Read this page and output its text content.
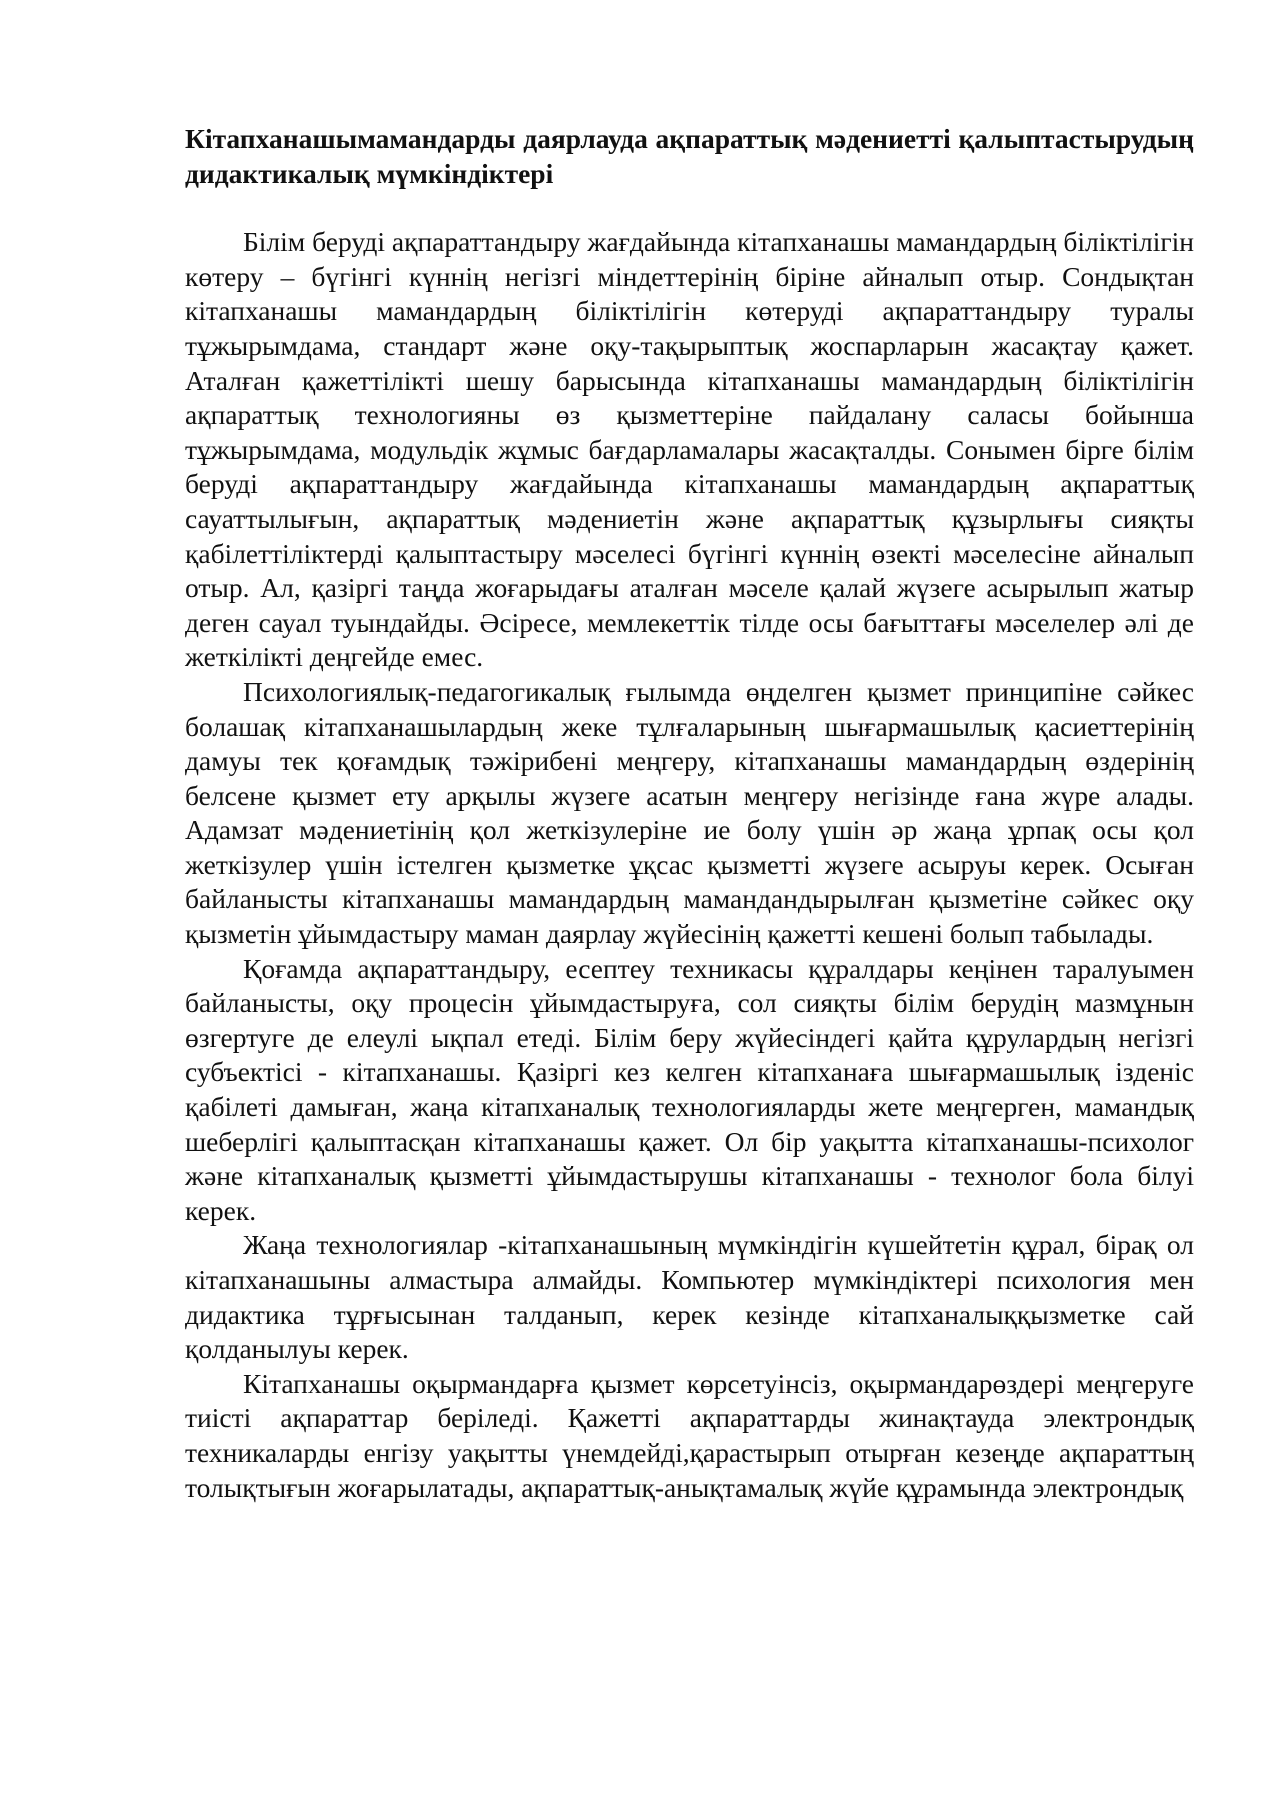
Кітапханашымамандарды даярлауда ақпараттық мәдениетті қалыптастырудың дидактикалық мүмкіндіктері

Білім беруді ақпараттандыру жағдайында кітапханашы мамандардың біліктілігін көтеру – бүгінгі күннің негізгі міндеттерінің біріне айналып отыр. Сондықтан кітапханашы мамандардың біліктілігін көтеруді ақпараттандыру туралы тұжырымдама, стандарт және оқу-тақырыптық жоспарларын жасақтау қажет. Аталған қажеттілікті шешу барысында кітапханашы мамандардың біліктілігін ақпараттық технологияны өз қызметтеріне пайдалану саласы бойынша тұжырымдама, модульдік жұмыс бағдарламалары жасақталды. Сонымен бірге білім беруді ақпараттандыру жағдайында кітапханашы мамандардың ақпараттық сауаттылығын, ақпараттық мәдениетін және ақпараттық құзырлығы сияқты қабілеттіліктерді қалыптастыру мәселесі бүгінгі күннің өзекті мәселесіне айналып отыр. Ал, қазіргі таңда жоғарыдағы аталған мәселе қалай жүзеге асырылып жатыр деген сауал туындайды. Әсіресе, мемлекеттік тілде осы бағыттағы мәселелер әлі де жеткілікті деңгейде емес.

Психологиялық-педагогикалық ғылымда өңделген қызмет принципіне сәйкес болашақ кітапханашылардың жеке тұлғаларының шығармашылық қасиеттерінің дамуы тек қоғамдық тәжірибені меңгеру, кітапханашы мамандардың өздерінің белсене қызмет ету арқылы жүзеге асатын меңгеру негізінде ғана жүре алады. Адамзат мәдениетінің қол жеткізулеріне ие болу үшін әр жаңа ұрпақ осы қол жеткізулер үшін істелген қызметке ұқсас қызметті жүзеге асыруы керек. Осыған байланысты кітапханашы мамандардың мамандандырылған қызметіне сәйкес оқу қызметін ұйымдастыру маман даярлау жүйесінің қажетті кешені болып табылады.

Қоғамда ақпараттандыру, есептеу техникасы құралдары кеңінен таралуымен байланысты, оқу процесін ұйымдастыруға, сол сияқты білім берудің мазмұнын өзгертуге де елеулі ықпал етеді. Білім беру жүйесіндегі қайта құрулардың негізгі субъектісі - кітапханашы. Қазіргі кез келген кітапханаға шығармашылық ізденіс қабілеті дамыған, жаңа кітапханалық технологияларды жете меңгерген, мамандық шеберлігі қалыптасқан кітапханашы қажет. Ол бір уақытта кітапханашы-психолог және кітапханалық қызметті ұйымдастырушы кітапханашы - технолог бола білуі керек.

Жаңа технологиялар -кітапханашының мүмкіндігін күшейтетін құрал, бірақ ол кітапханашыны алмастыра алмайды. Компьютер мүмкіндіктері психология мен дидактика тұрғысынан талданып, керек кезінде кітапханалыққызметке сай қолданылуы керек.

Кітапханашы оқырмандарға қызмет көрсетуінсіз, оқырмандарөздері меңгеруге тиісті ақпараттар беріледі. Қажетті ақпараттарды жинақтауда электрондық техникаларды енгізу уақытты үнемдейді,қарастырып отырған кезеңде ақпараттың толықтығын жоғарылатады, ақпараттық-анықтамалық жүйе құрамында электрондық
